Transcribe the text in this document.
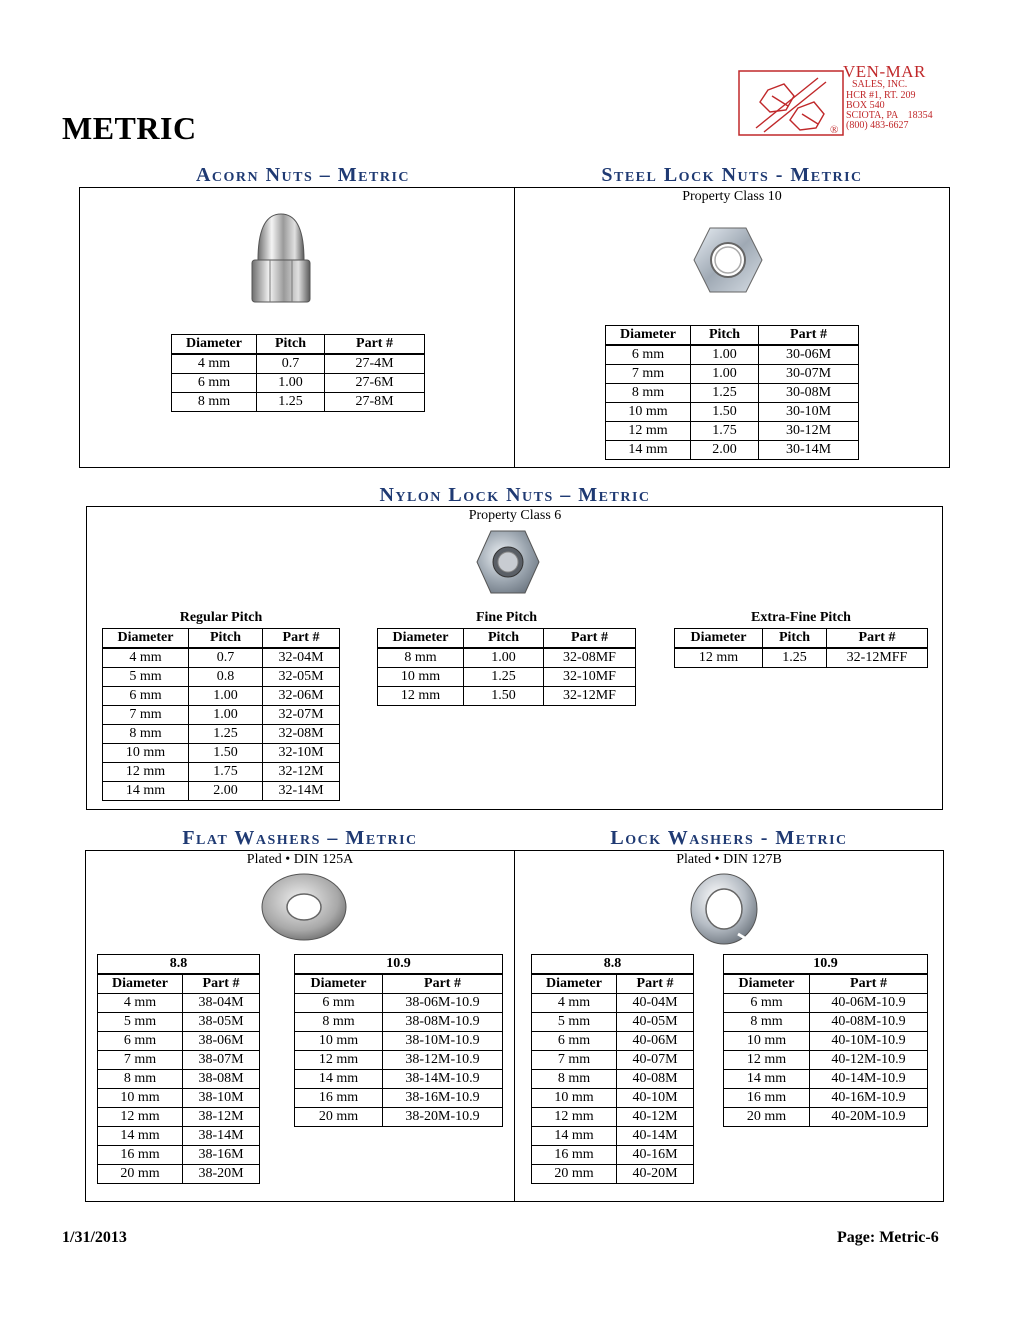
METRIC
VEN-MAR
SALES, INC.
HCR #1, RT. 209
BOX 540
SCIOTA, PA    18354
(800) 483-6627
®
Acorn Nuts – Metric	Steel Lock Nuts - Metric
Diameter	Pitch	Part #
4 mm	0.7	27-4M
6 mm	1.00	27-6M
8 mm	1.25	27-8M
Property Class 10
Diameter	Pitch	Part #
6 mm	1.00	30-06M
7 mm	1.00	30-07M
8 mm	1.25	30-08M
10 mm	1.50	30-10M
12 mm	1.75	30-12M
14 mm	2.00	30-14M
Nylon Lock Nuts – Metric
Property Class 6
Regular Pitch
Diameter	Pitch	Part #
4 mm	0.7	32-04M
5 mm	0.8	32-05M
6 mm	1.00	32-06M
7 mm	1.00	32-07M
8 mm	1.25	32-08M
10 mm	1.50	32-10M
12 mm	1.75	32-12M
14 mm	2.00	32-14M
Fine Pitch
Diameter	Pitch	Part #
8 mm	1.00	32-08MF
10 mm	1.25	32-10MF
12 mm	1.50	32-12MF
Extra-Fine Pitch
Diameter	Pitch	Part #
12 mm	1.25	32-12MFF
Flat Washers – Metric	Lock Washers - Metric
Plated • DIN 125A	Plated • DIN 127B
8.8	
Diameter	Part #
4 mm	38-04M
5 mm	38-05M
6 mm	38-06M
7 mm	38-07M
8 mm	38-08M
10 mm	38-10M
12 mm	38-12M
14 mm	38-14M
16 mm	38-16M
20 mm	38-20M
10.9	
Diameter	Part #
6 mm	38-06M-10.9
8 mm	38-08M-10.9
10 mm	38-10M-10.9
12 mm	38-12M-10.9
14 mm	38-14M-10.9
16 mm	38-16M-10.9
20 mm	38-20M-10.9
8.8	
Diameter	Part #
4 mm	40-04M
5 mm	40-05M
6 mm	40-06M
7 mm	40-07M
8 mm	40-08M
10 mm	40-10M
12 mm	40-12M
14 mm	40-14M
16 mm	40-16M
20 mm	40-20M
10.9	
Diameter	Part #
6 mm	40-06M-10.9
8 mm	40-08M-10.9
10 mm	40-10M-10.9
12 mm	40-12M-10.9
14 mm	40-14M-10.9
16 mm	40-16M-10.9
20 mm	40-20M-10.9
1/31/2013	Page: Metric-6
